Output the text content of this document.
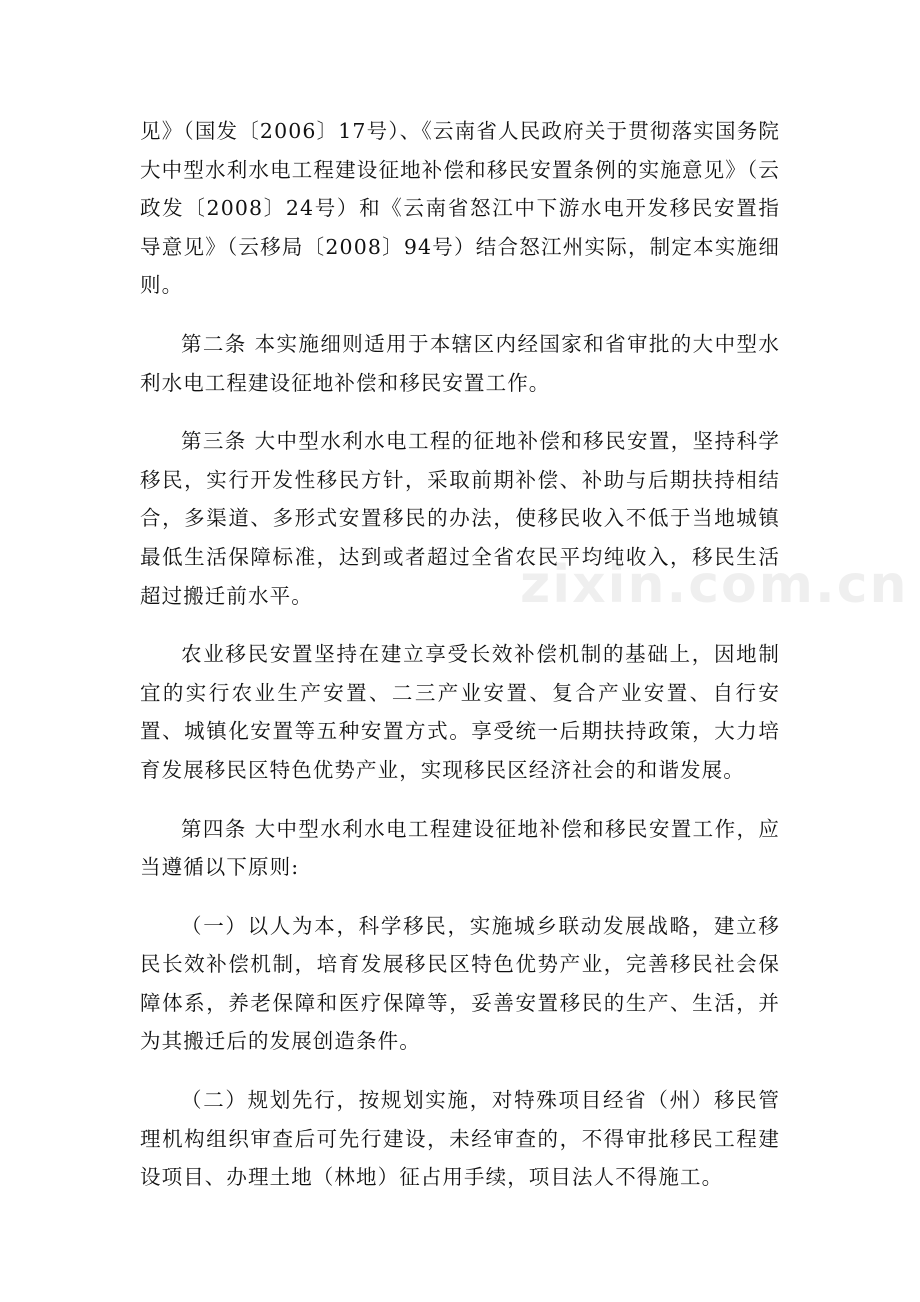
见》（国发〔2006〕17号）、《云南省人民政府关于贯彻落实国务院大中型水利水电工程建设征地补偿和移民安置条例的实施意见》（云政发〔2008〕24号）和《云南省怒江中下游水电开发移民安置指导意见》（云移局〔2008〕94号）结合怒江州实际，制定本实施细则。

第二条 本实施细则适用于本辖区内经国家和省审批的大中型水利水电工程建设征地补偿和移民安置工作。

第三条 大中型水利水电工程的征地补偿和移民安置，坚持科学移民，实行开发性移民方针，采取前期补偿、补助与后期扶持相结合，多渠道、多形式安置移民的办法，使移民收入不低于当地城镇最低生活保障标准，达到或者超过全省农民平均纯收入，移民生活超过搬迁前水平。

农业移民安置坚持在建立享受长效补偿机制的基础上，因地制宜的实行农业生产安置、二三产业安置、复合产业安置、自行安置、城镇化安置等五种安置方式。享受统一后期扶持政策，大力培育发展移民区特色优势产业，实现移民区经济社会的和谐发展。

第四条 大中型水利水电工程建设征地补偿和移民安置工作，应当遵循以下原则:

（一）以人为本，科学移民，实施城乡联动发展战略，建立移民长效补偿机制，培育发展移民区特色优势产业，完善移民社会保障体系，养老保障和医疗保障等，妥善安置移民的生产、生活，并为其搬迁后的发展创造条件。

（二）规划先行，按规划实施，对特殊项目经省（州）移民管理机构组织审查后可先行建设，未经审查的，不得审批移民工程建设项目、办理土地（林地）征占用手续，项目法人不得施工。

zixin.com.cn
